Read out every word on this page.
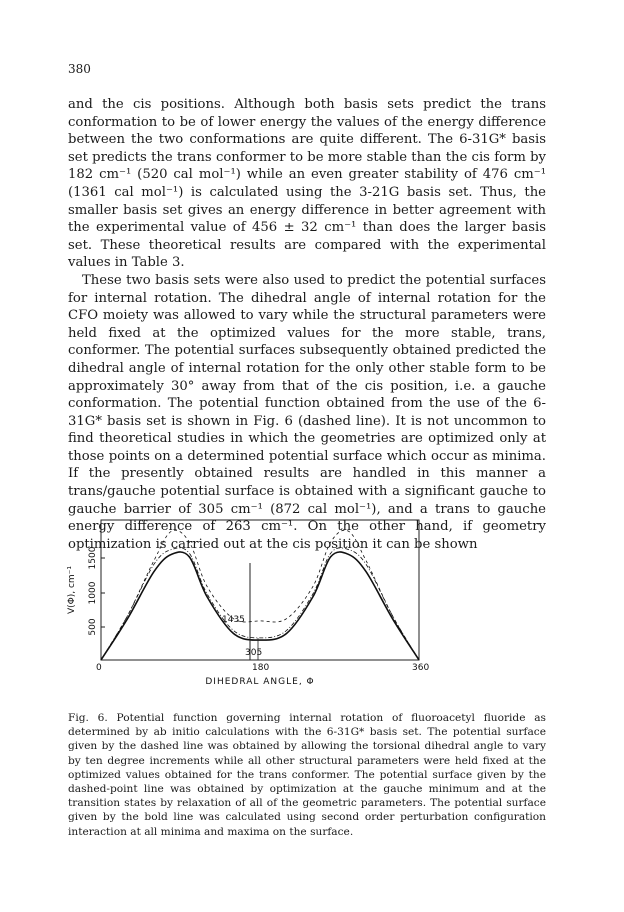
380

and the cis positions. Although both basis sets predict the trans conformation to be of lower energy the values of the energy difference between the two conformations are quite different. The 6-31G* basis set predicts the trans conformer to be more stable than the cis form by 182 cm⁻¹ (520 cal mol⁻¹) while an even greater stability of 476 cm⁻¹ (1361 cal mol⁻¹) is calculated using the 3-21G basis set. Thus, the smaller basis set gives an energy difference in better agreement with the experimental value of 456 ± 32 cm⁻¹ than does the larger basis set. These theoretical results are compared with the experimental values in Table 3.

These two basis sets were also used to predict the potential surfaces for internal rotation. The dihedral angle of internal rotation for the CFO moiety was allowed to vary while the structural parameters were held fixed at the optimized values for the more stable, trans, conformer. The potential surfaces subsequently obtained predicted the dihedral angle of internal rotation for the only other stable form to be approximately 30° away from that of the cis position, i.e. a gauche conformation. The potential function obtained from the use of the 6-31G* basis set is shown in Fig. 6 (dashed line). It is not uncommon to find theoretical studies in which the geometries are optimized only at those points on a determined potential surface which occur as minima. If the presently obtained results are handled in this manner a trans/gauche potential surface is obtained with a significant gauche to gauche barrier of 305 cm⁻¹ (872 cal mol⁻¹), and a trans to gauche energy difference of 263 cm⁻¹. On the other hand, if geometry optimization is carried out at the cis position it can be shown

1435
305
0	180	360
500
1000
1500
V(Φ), cm⁻¹
DIHEDRAL ANGLE, Φ

Fig. 6. Potential function governing internal rotation of fluoroacetyl fluoride as determined by ab initio calculations with the 6-31G* basis set. The potential surface given by the dashed line was obtained by allowing the torsional dihedral angle to vary by ten degree increments while all other structural parameters were held fixed at the optimized values obtained for the trans conformer. The potential surface given by the dashed-point line was obtained by optimization at the gauche minimum and at the transition states by relaxation of all of the geometric parameters. The potential surface given by the bold line was calculated using second order perturbation configuration interaction at all minima and maxima on the surface.
